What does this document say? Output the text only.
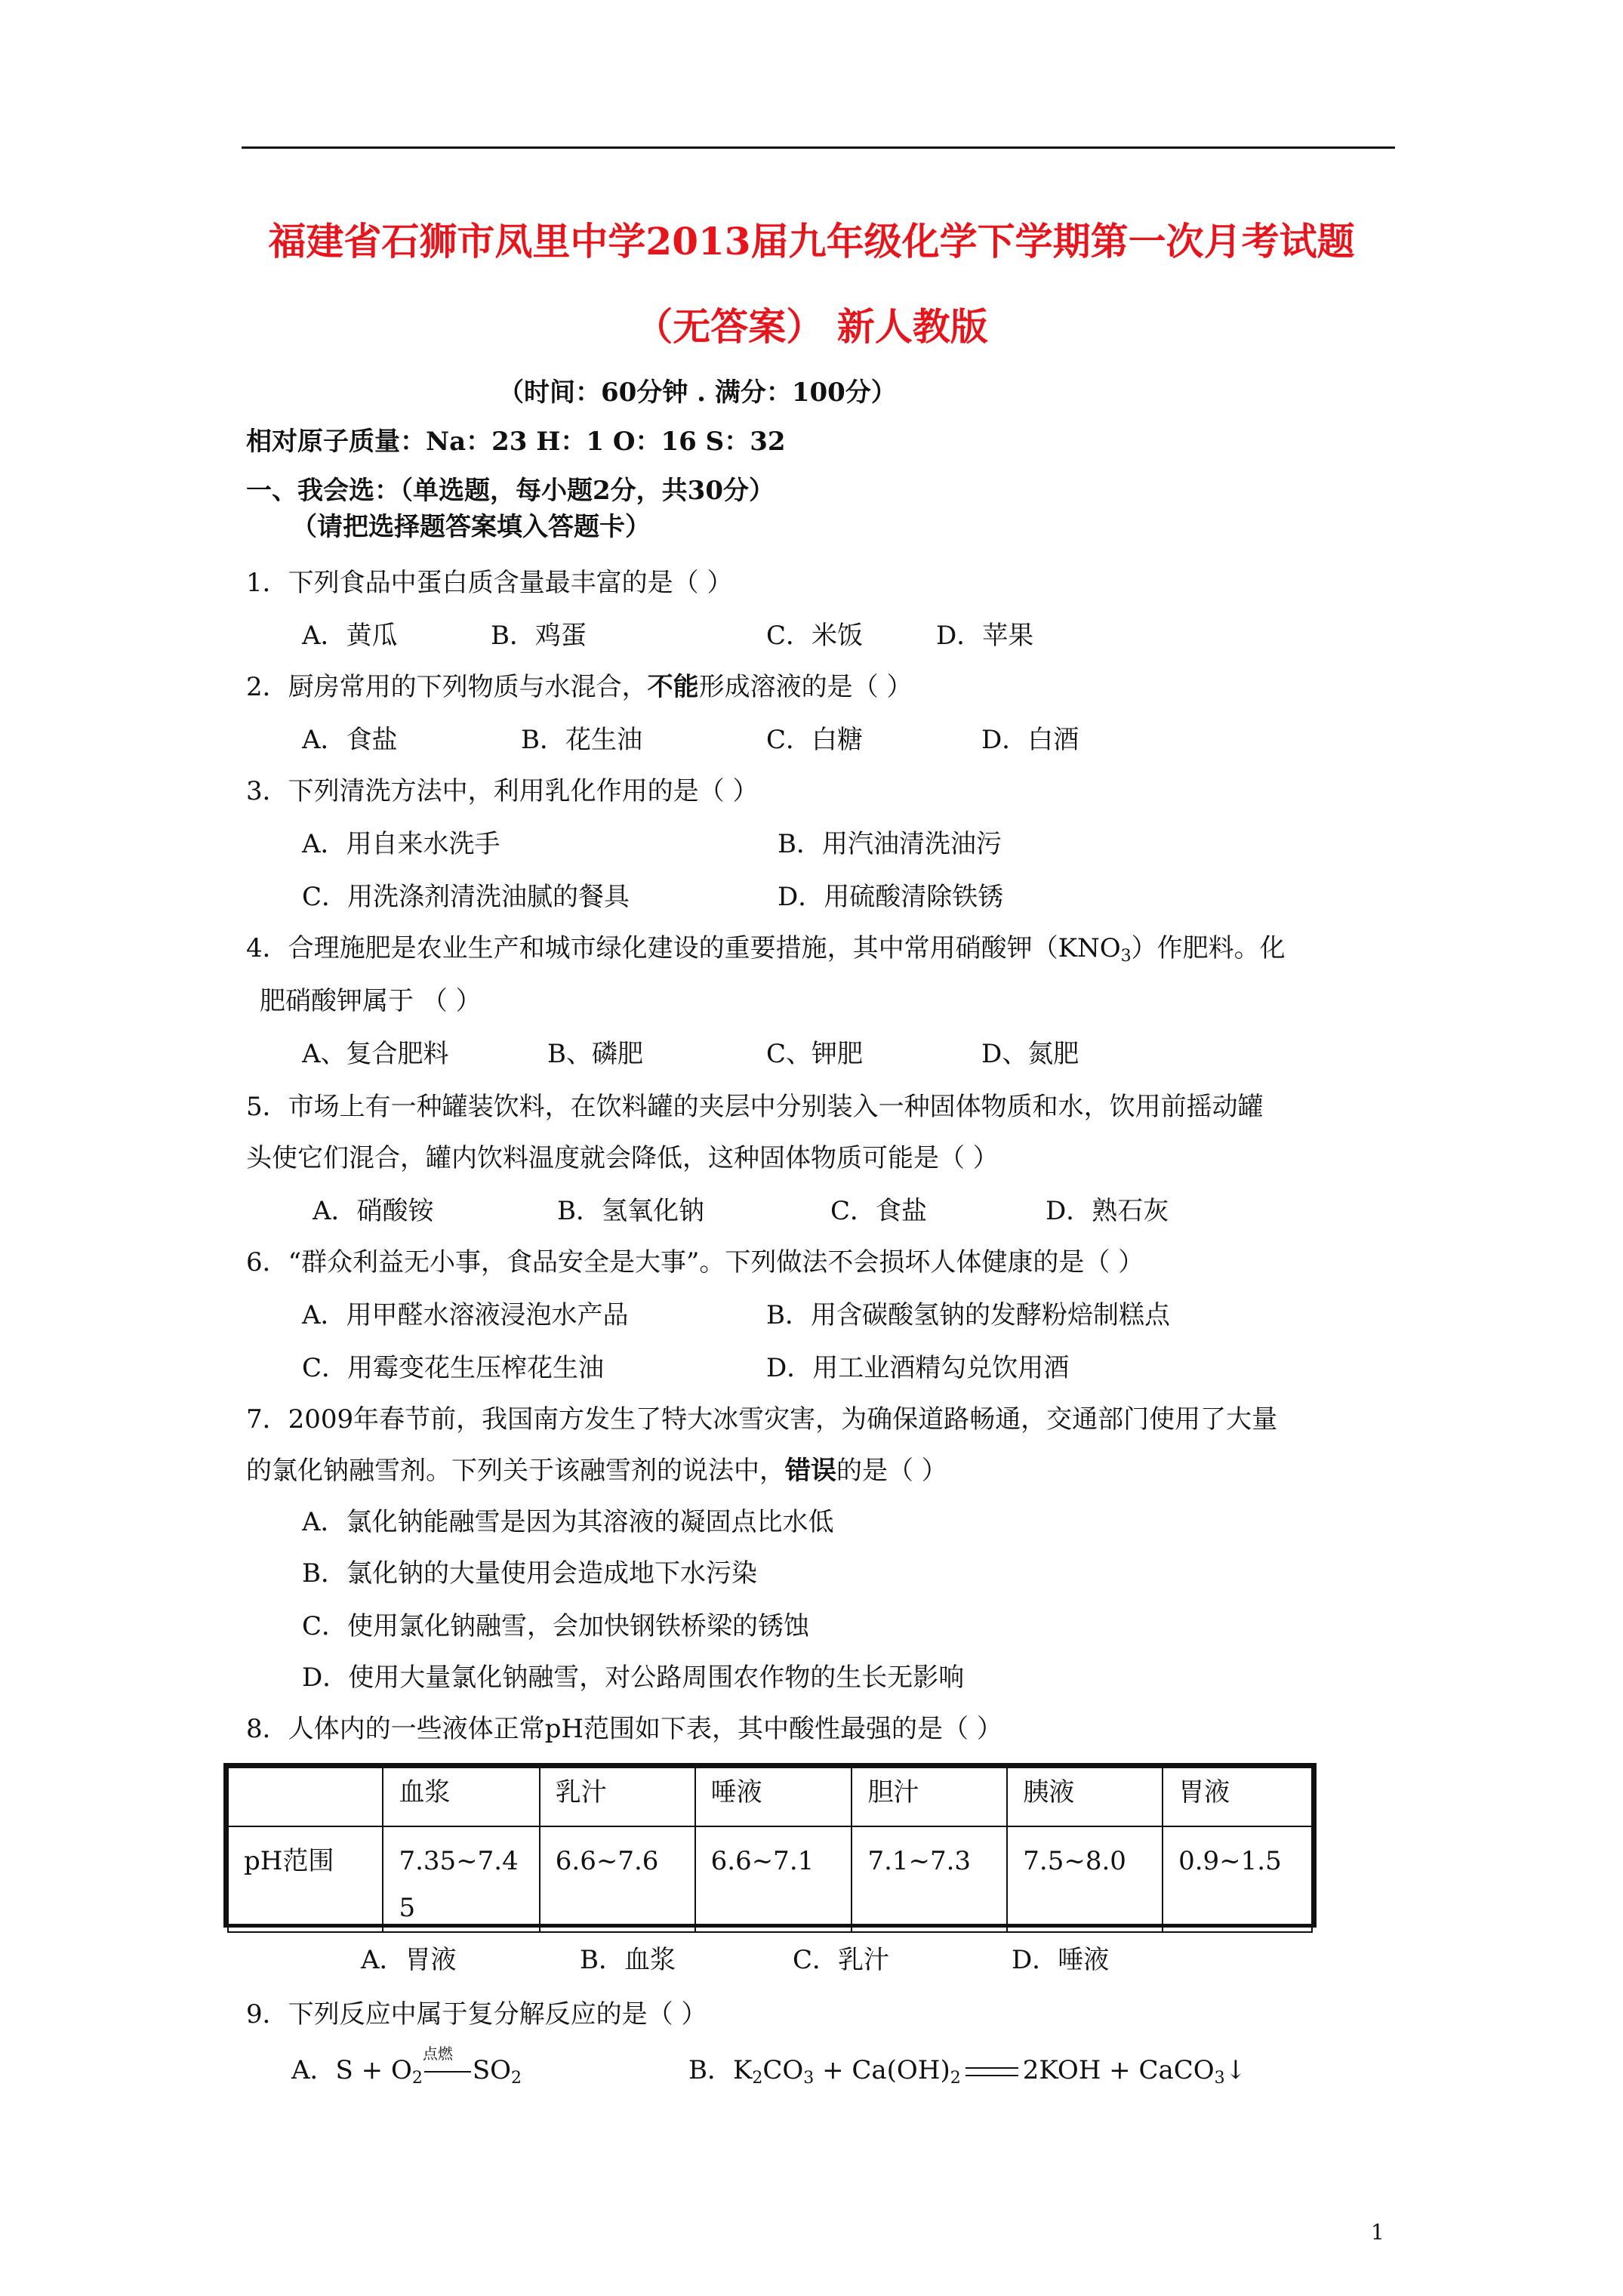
福建省石狮市凤里中学2013届九年级化学下学期第一次月考试题
（无答案） 新人教版
（时间：60分钟 . 满分：100分）
相对原子质量：Na：23 H：1 O：16 S：32
一、我会选：（单选题，每小题2分，共30分）
（请把选择题答案填入答题卡）
1．下列食品中蛋白质含量最丰富的是（ ）
A．黄瓜	B．鸡蛋	C．米饭	D．苹果
2．厨房常用的下列物质与水混合，不能形成溶液的是（ ）
A．食盐	B．花生油	C．白糖	D．白酒
3．下列清洗方法中，利用乳化作用的是（ ）
A．用自来水洗手	B．用汽油清洗油污
C．用洗涤剂清洗油腻的餐具	D．用硫酸清除铁锈
4．合理施肥是农业生产和城市绿化建设的重要措施，其中常用硝酸钾$(KNO_3)$作肥料。化
肥硝酸钾属于 （ ）
A、复合肥料	B、磷肥	C、钾肥	D、氮肥
5．市场上有一种罐装饮料，在饮料罐的夹层中分别装入一种固体物质和水，饮用前摇动罐
头使它们混合，罐内饮料温度就会降低，这种固体物质可能是（ ）
A．硝酸铵	B．氢氧化钠	C．食盐	D．熟石灰
6．“群众利益无小事，食品安全是大事”。下列做法不会损坏人体健康的是（ ）
A．用甲醛水溶液浸泡水产品	B．用含碳酸氢钠的发酵粉焙制糕点
C．用霉变花生压榨花生油	D．用工业酒精勾兑饮用酒
7．2009年春节前，我国南方发生了特大冰雪灾害，为确保道路畅通，交通部门使用了大量
的氯化钠融雪剂。下列关于该融雪剂的说法中，错误的是（ ）
A．氯化钠能融雪是因为其溶液的凝固点比水低
B．氯化钠的大量使用会造成地下水污染
C．使用氯化钠融雪，会加快钢铁桥梁的锈蚀
D．使用大量氯化钠融雪，对公路周围农作物的生长无影响
8．人体内的一些液体正常pH范围如下表，其中酸性最强的是（ ）
	血浆	乳汁	唾液	胆汁	胰液	胃液
pH范围	7.35~7.45	6.6~7.6	6.6~7.1	7.1~7.3	7.5~8.0	0.9~1.5
A．胃液	B．血浆	C．乳汁	D．唾液
9．下列反应中属于复分解反应的是（ ）
A．$S + O_2$
点燃
$SO_2$	B．$K_2CO_3 + Ca(OH)_2$ 2KOH + CaCO$_3$↓
1
